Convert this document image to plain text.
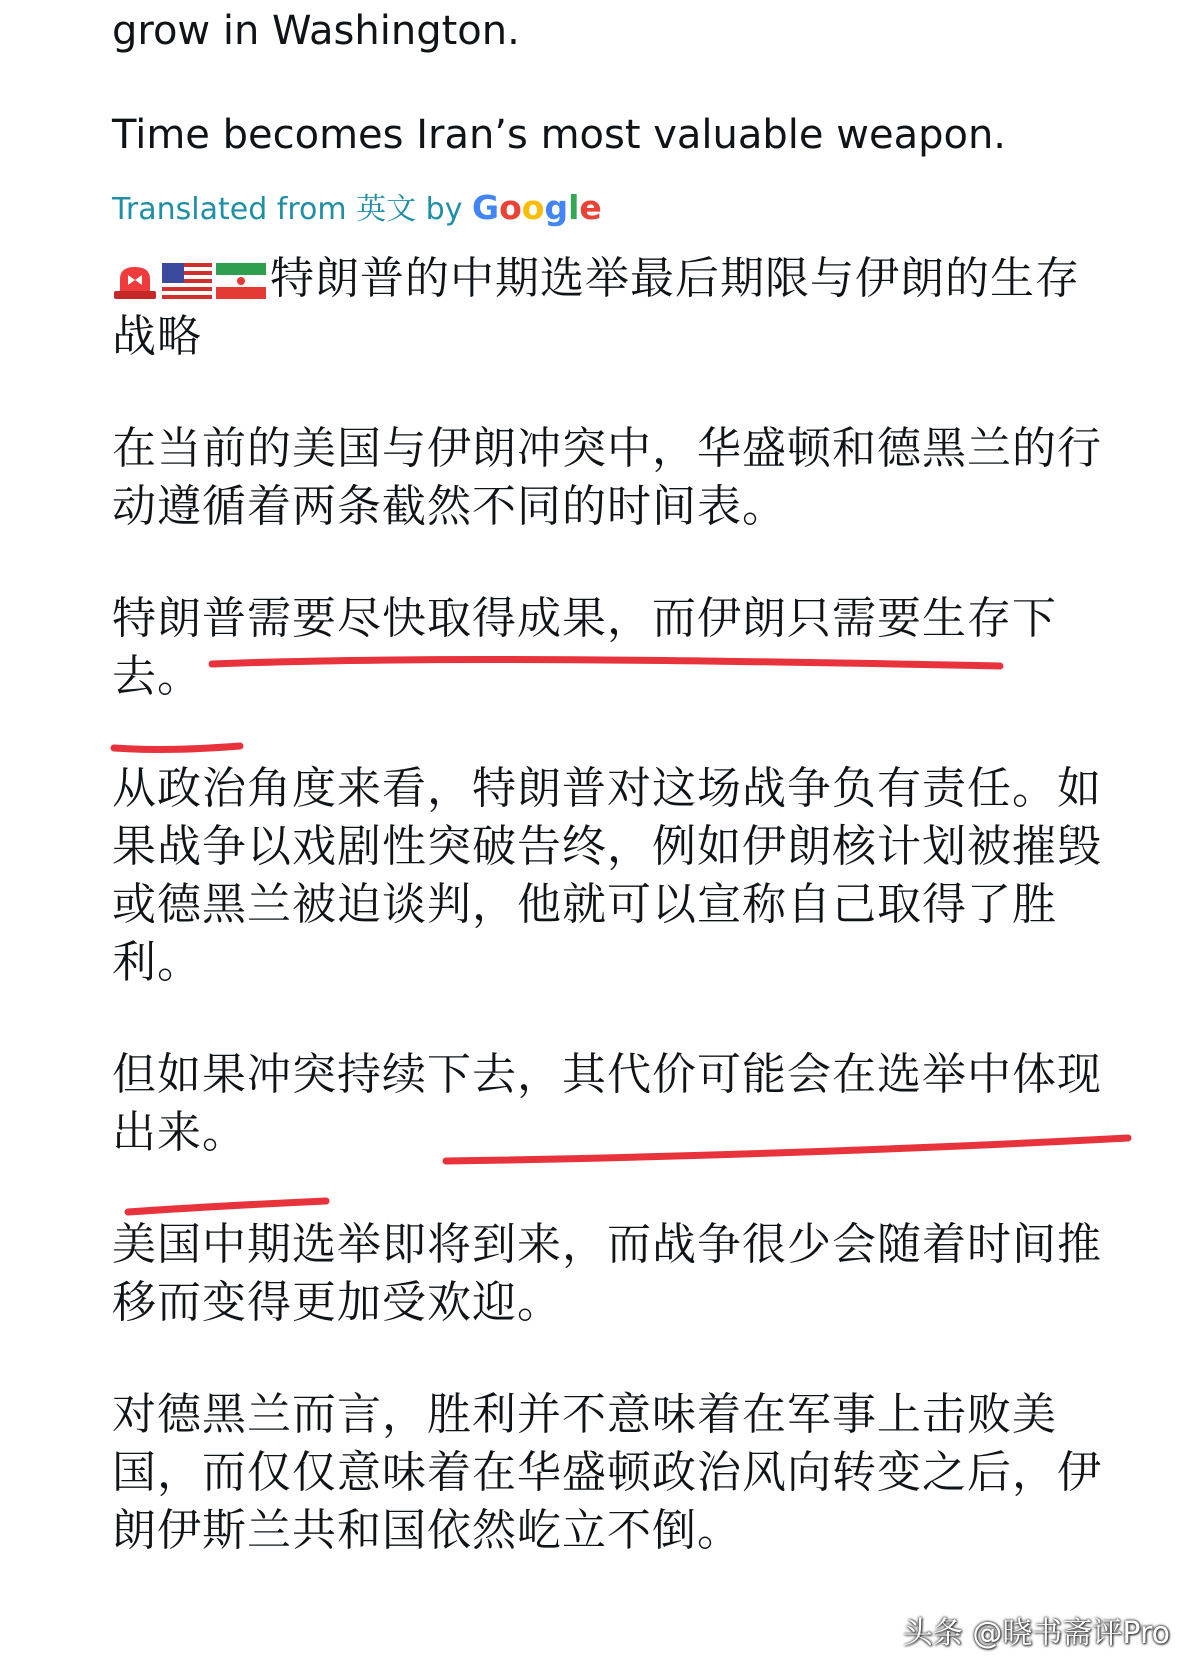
grow in Washington.

Time becomes Iran’s most valuable weapon.

Translated from 英文 by Google

特朗普的中期选举最后期限与伊朗的生存

战略

在当前的美国与伊朗冲突中，华盛顿和德黑兰的行

动遵循着两条截然不同的时间表。

特朗普需要尽快取得成果，而伊朗只需要生存下

去。

从政治角度来看，特朗普对这场战争负有责任。如

果战争以戏剧性突破告终，例如伊朗核计划被摧毁

或德黑兰被迫谈判，他就可以宣称自己取得了胜

利。

但如果冲突持续下去，其代价可能会在选举中体现

出来。

美国中期选举即将到来，而战争很少会随着时间推

移而变得更加受欢迎。

对德黑兰而言，胜利并不意味着在军事上击败美

国，而仅仅意味着在华盛顿政治风向转变之后，伊

朗伊斯兰共和国依然屹立不倒。

头条 @晓书斋评Pro
